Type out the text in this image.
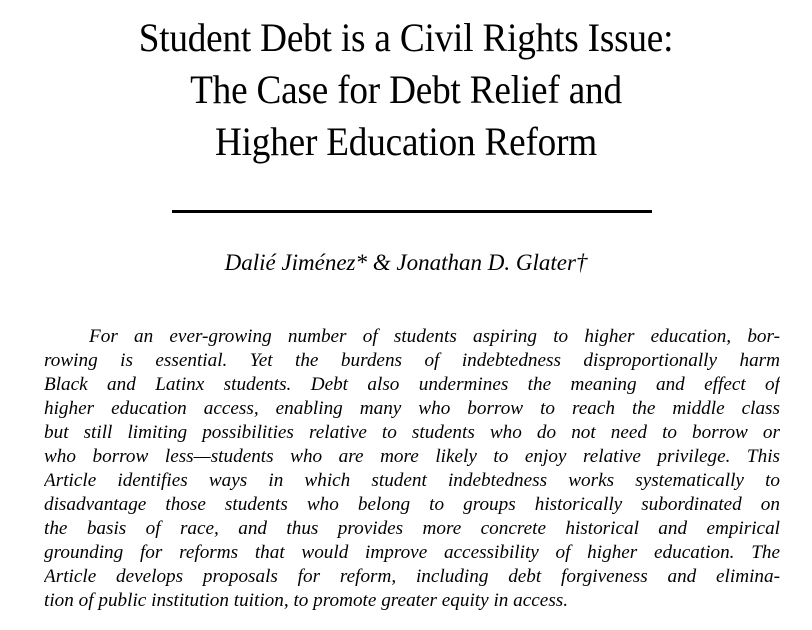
Student Debt is a Civil Rights Issue:
The Case for Debt Relief and
Higher Education Reform
Dalié Jiménez* & Jonathan D. Glater†
For an ever-growing number of students aspiring to higher education, bor-
rowing is essential. Yet the burdens of indebtedness disproportionally harm
Black and Latinx students. Debt also undermines the meaning and effect of
higher education access, enabling many who borrow to reach the middle class
but still limiting possibilities relative to students who do not need to borrow or
who borrow less—students who are more likely to enjoy relative privilege. This
Article identifies ways in which student indebtedness works systematically to
disadvantage those students who belong to groups historically subordinated on
the basis of race, and thus provides more concrete historical and empirical
grounding for reforms that would improve accessibility of higher education. The
Article develops proposals for reform, including debt forgiveness and elimina-
tion of public institution tuition, to promote greater equity in access.
